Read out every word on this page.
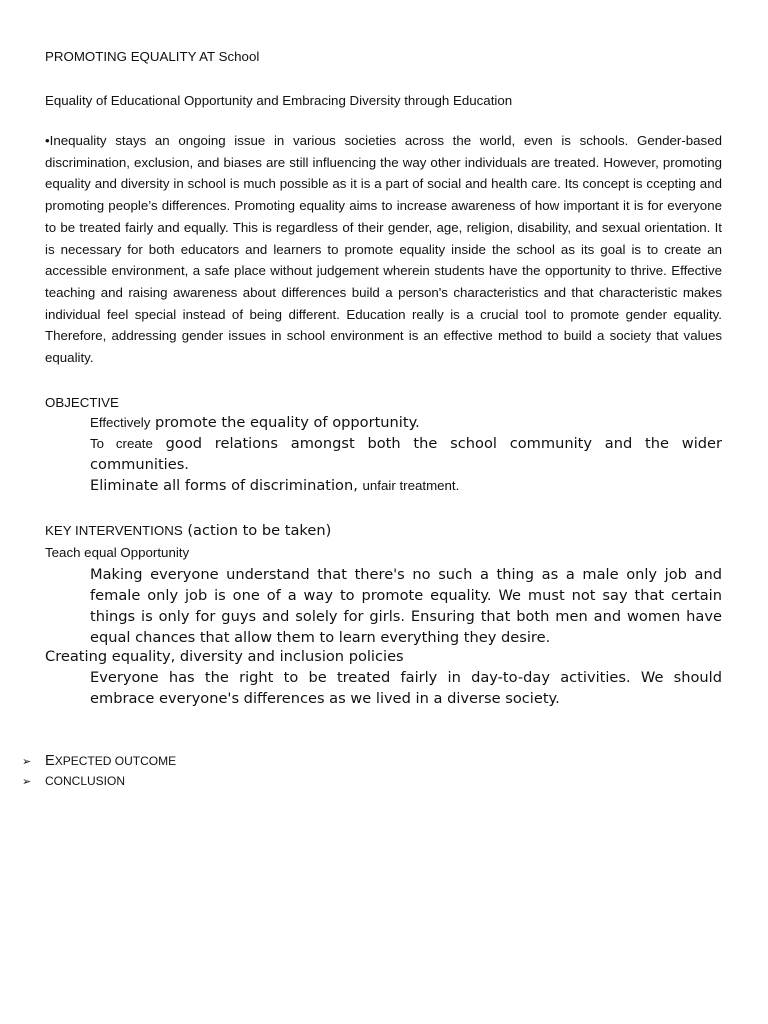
PROMOTING EQUALITY AT School
Equality of Educational Opportunity and Embracing Diversity through Education

•Inequality stays an ongoing issue in various societies across the world, even is schools. Gender-based discrimination, exclusion, and biases are still influencing the way other individuals are treated. However, promoting equality and diversity in school is much possible as it is a part of social and health care. Its concept is ccepting and promoting people’s differences. Promoting equality aims to increase awareness of how important it is for everyone to be treated fairly and equally. This is regardless of their gender, age, religion, disability, and sexual orientation. It is necessary for both educators and learners to promote equality inside the school as its goal is to create an accessible environment, a safe place without judgement wherein students have the opportunity to thrive. Effective teaching and raising awareness about differences build a person's characteristics and that characteristic makes individual feel special instead of being different. Education really is a crucial tool to promote gender equality. Therefore, addressing gender issues in school environment is an effective method to build a society that values equality.

OBJECTIVE
Effectively promote the equality of opportunity.
To create good relations amongst both the school community and the wider communities.
Eliminate all forms of discrimination, unfair treatment.
KEY INTERVENTIONS (action to be taken)
Teach equal Opportunity

Making everyone understand that there's no such a thing as a male only job and female only job is one of a way to promote equality. We must not say that certain things is only for guys and solely for girls. Ensuring that both men and women have equal chances that allow them to learn everything they desire.

Creating equality, diversity and inclusion policies

Everyone has the right to be treated fairly in day-to-day activities. We should embrace everyone's differences as we lived in a diverse society.

➢ EXPECTED OUTCOME
➢	CONCLUSION
